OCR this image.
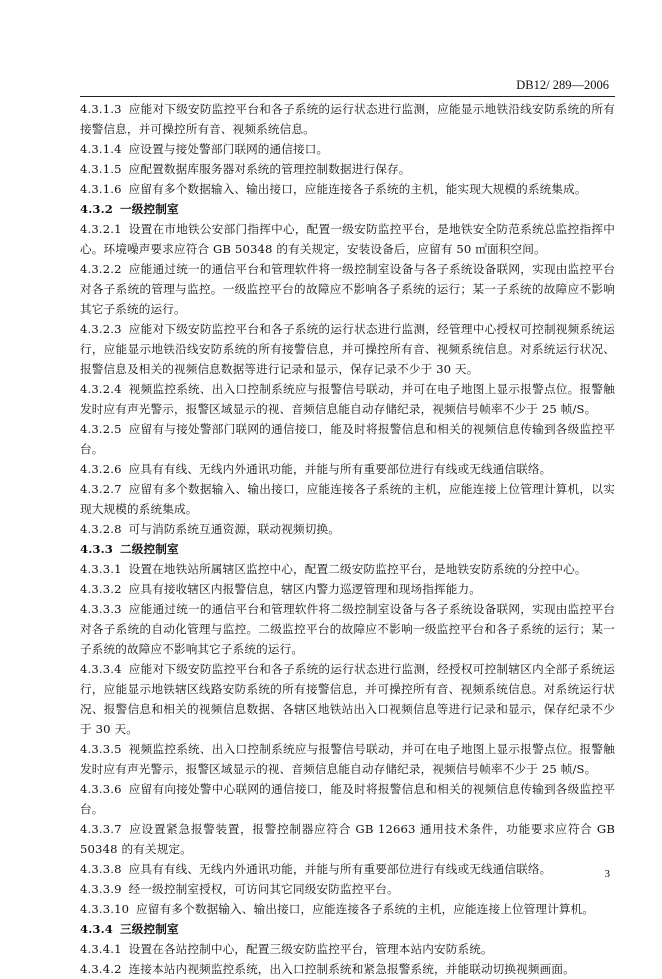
DB12/ 289—2006

4.3.1.3 应能对下级安防监控平台和各子系统的运行状态进行监测，应能显示地铁沿线安防系统的所有接警信息，并可操控所有音、视频系统信息。

4.3.1.4 应设置与接处警部门联网的通信接口。

4.3.1.5 应配置数据库服务器对系统的管理控制数据进行保存。

4.3.1.6 应留有多个数据输入、输出接口，应能连接各子系统的主机，能实现大规模的系统集成。

4.3.2 一级控制室

4.3.2.1 设置在市地铁公安部门指挥中心，配置一级安防监控平台，是地铁安全防范系统总监控指挥中心。环境噪声要求应符合 GB 50348 的有关规定，安装设备后，应留有 50 ㎡面积空间。

4.3.2.2 应能通过统一的通信平台和管理软件将一级控制室设备与各子系统设备联网，实现由监控平台对各子系统的管理与监控。一级监控平台的故障应不影响各子系统的运行；某一子系统的故障应不影响其它子系统的运行。

4.3.2.3 应能对下级安防监控平台和各子系统的运行状态进行监测，经管理中心授权可控制视频系统运行，应能显示地铁沿线安防系统的所有接警信息，并可操控所有音、视频系统信息。对系统运行状况、报警信息及相关的视频信息数据等进行记录和显示，保存记录不少于 30 天。

4.3.2.4 视频监控系统、出入口控制系统应与报警信号联动，并可在电子地图上显示报警点位。报警触发时应有声光警示，报警区域显示的视、音频信息能自动存储纪录，视频信号帧率不少于 25 帧/S。

4.3.2.5 应留有与接处警部门联网的通信接口，能及时将报警信息和相关的视频信息传输到各级监控平台。

4.3.2.6 应具有有线、无线内外通讯功能，并能与所有重要部位进行有线或无线通信联络。

4.3.2.7 应留有多个数据输入、输出接口，应能连接各子系统的主机，应能连接上位管理计算机，以实现大规模的系统集成。

4.3.2.8 可与消防系统互通资源，联动视频切换。

4.3.3 二级控制室

4.3.3.1 设置在地铁站所属辖区监控中心，配置二级安防监控平台，是地铁安防系统的分控中心。

4.3.3.2 应具有接收辖区内报警信息，辖区内警力巡逻管理和现场指挥能力。

4.3.3.3 应能通过统一的通信平台和管理软件将二级控制室设备与各子系统设备联网，实现由监控平台对各子系统的自动化管理与监控。二级监控平台的故障应不影响一级监控平台和各子系统的运行；某一子系统的故障应不影响其它子系统的运行。

4.3.3.4 应能对下级安防监控平台和各子系统的运行状态进行监测，经授权可控制辖区内全部子系统运行，应能显示地铁辖区线路安防系统的所有接警信息，并可操控所有音、视频系统信息。对系统运行状况、报警信息和相关的视频信息数据、各辖区地铁站出入口视频信息等进行记录和显示，保存纪录不少于 30 天。

4.3.3.5 视频监控系统、出入口控制系统应与报警信号联动，并可在电子地图上显示报警点位。报警触发时应有声光警示，报警区域显示的视、音频信息能自动存储纪录，视频信号帧率不少于 25 帧/S。

4.3.3.6 应留有向接处警中心联网的通信接口，能及时将报警信息和相关的视频信息传输到各级监控平台。

4.3.3.7 应设置紧急报警装置，报警控制器应符合 GB 12663 通用技术条件，功能要求应符合 GB 50348 的有关规定。

4.3.3.8 应具有有线、无线内外通讯功能，并能与所有重要部位进行有线或无线通信联络。

4.3.3.9 经一级控制室授权，可访问其它同级安防监控平台。

4.3.3.10 应留有多个数据输入、输出接口，应能连接各子系统的主机，应能连接上位管理计算机。

4.3.4 三级控制室

4.3.4.1 设置在各站控制中心，配置三级安防监控平台，管理本站内安防系统。

4.3.4.2 连接本站内视频监控系统，出入口控制系统和紧急报警系统，并能联动切换视频画面。

3
